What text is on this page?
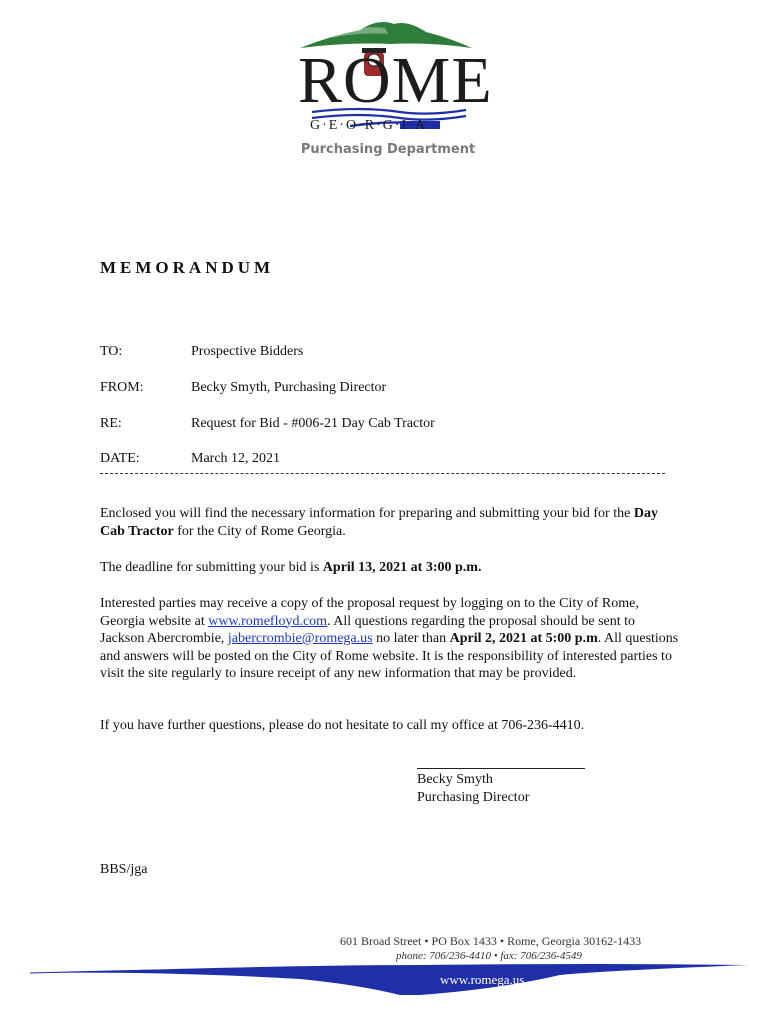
ROME
G·E·O·R·G·I·A
est. 1834
Purchasing Department
MEMORANDUM
TO:	Prospective Bidders
FROM:	Becky Smyth, Purchasing Director
RE:	Request for Bid - #006-21 Day Cab Tractor
DATE:	March 12, 2021
Enclosed you will find the necessary information for preparing and submitting your bid for the Day Cab Tractor for the City of Rome Georgia.
The deadline for submitting your bid is April 13, 2021 at 3:00 p.m.
Interested parties may receive a copy of the proposal request by logging on to the City of Rome, Georgia website at www.romefloyd.com. All questions regarding the proposal should be sent to Jackson Abercrombie, jabercrombie@romega.us no later than April 2, 2021 at 5:00 p.m. All questions and answers will be posted on the City of Rome website. It is the responsibility of interested parties to visit the site regularly to insure receipt of any new information that may be provided.
If you have further questions, please do not hesitate to call my office at 706-236-4410.
Becky Smyth
Purchasing Director
BBS/jga
601 Broad Street • PO Box 1433 • Rome, Georgia 30162-1433
phone: 706/236-4410 • fax: 706/236-4549
www.romega.us
